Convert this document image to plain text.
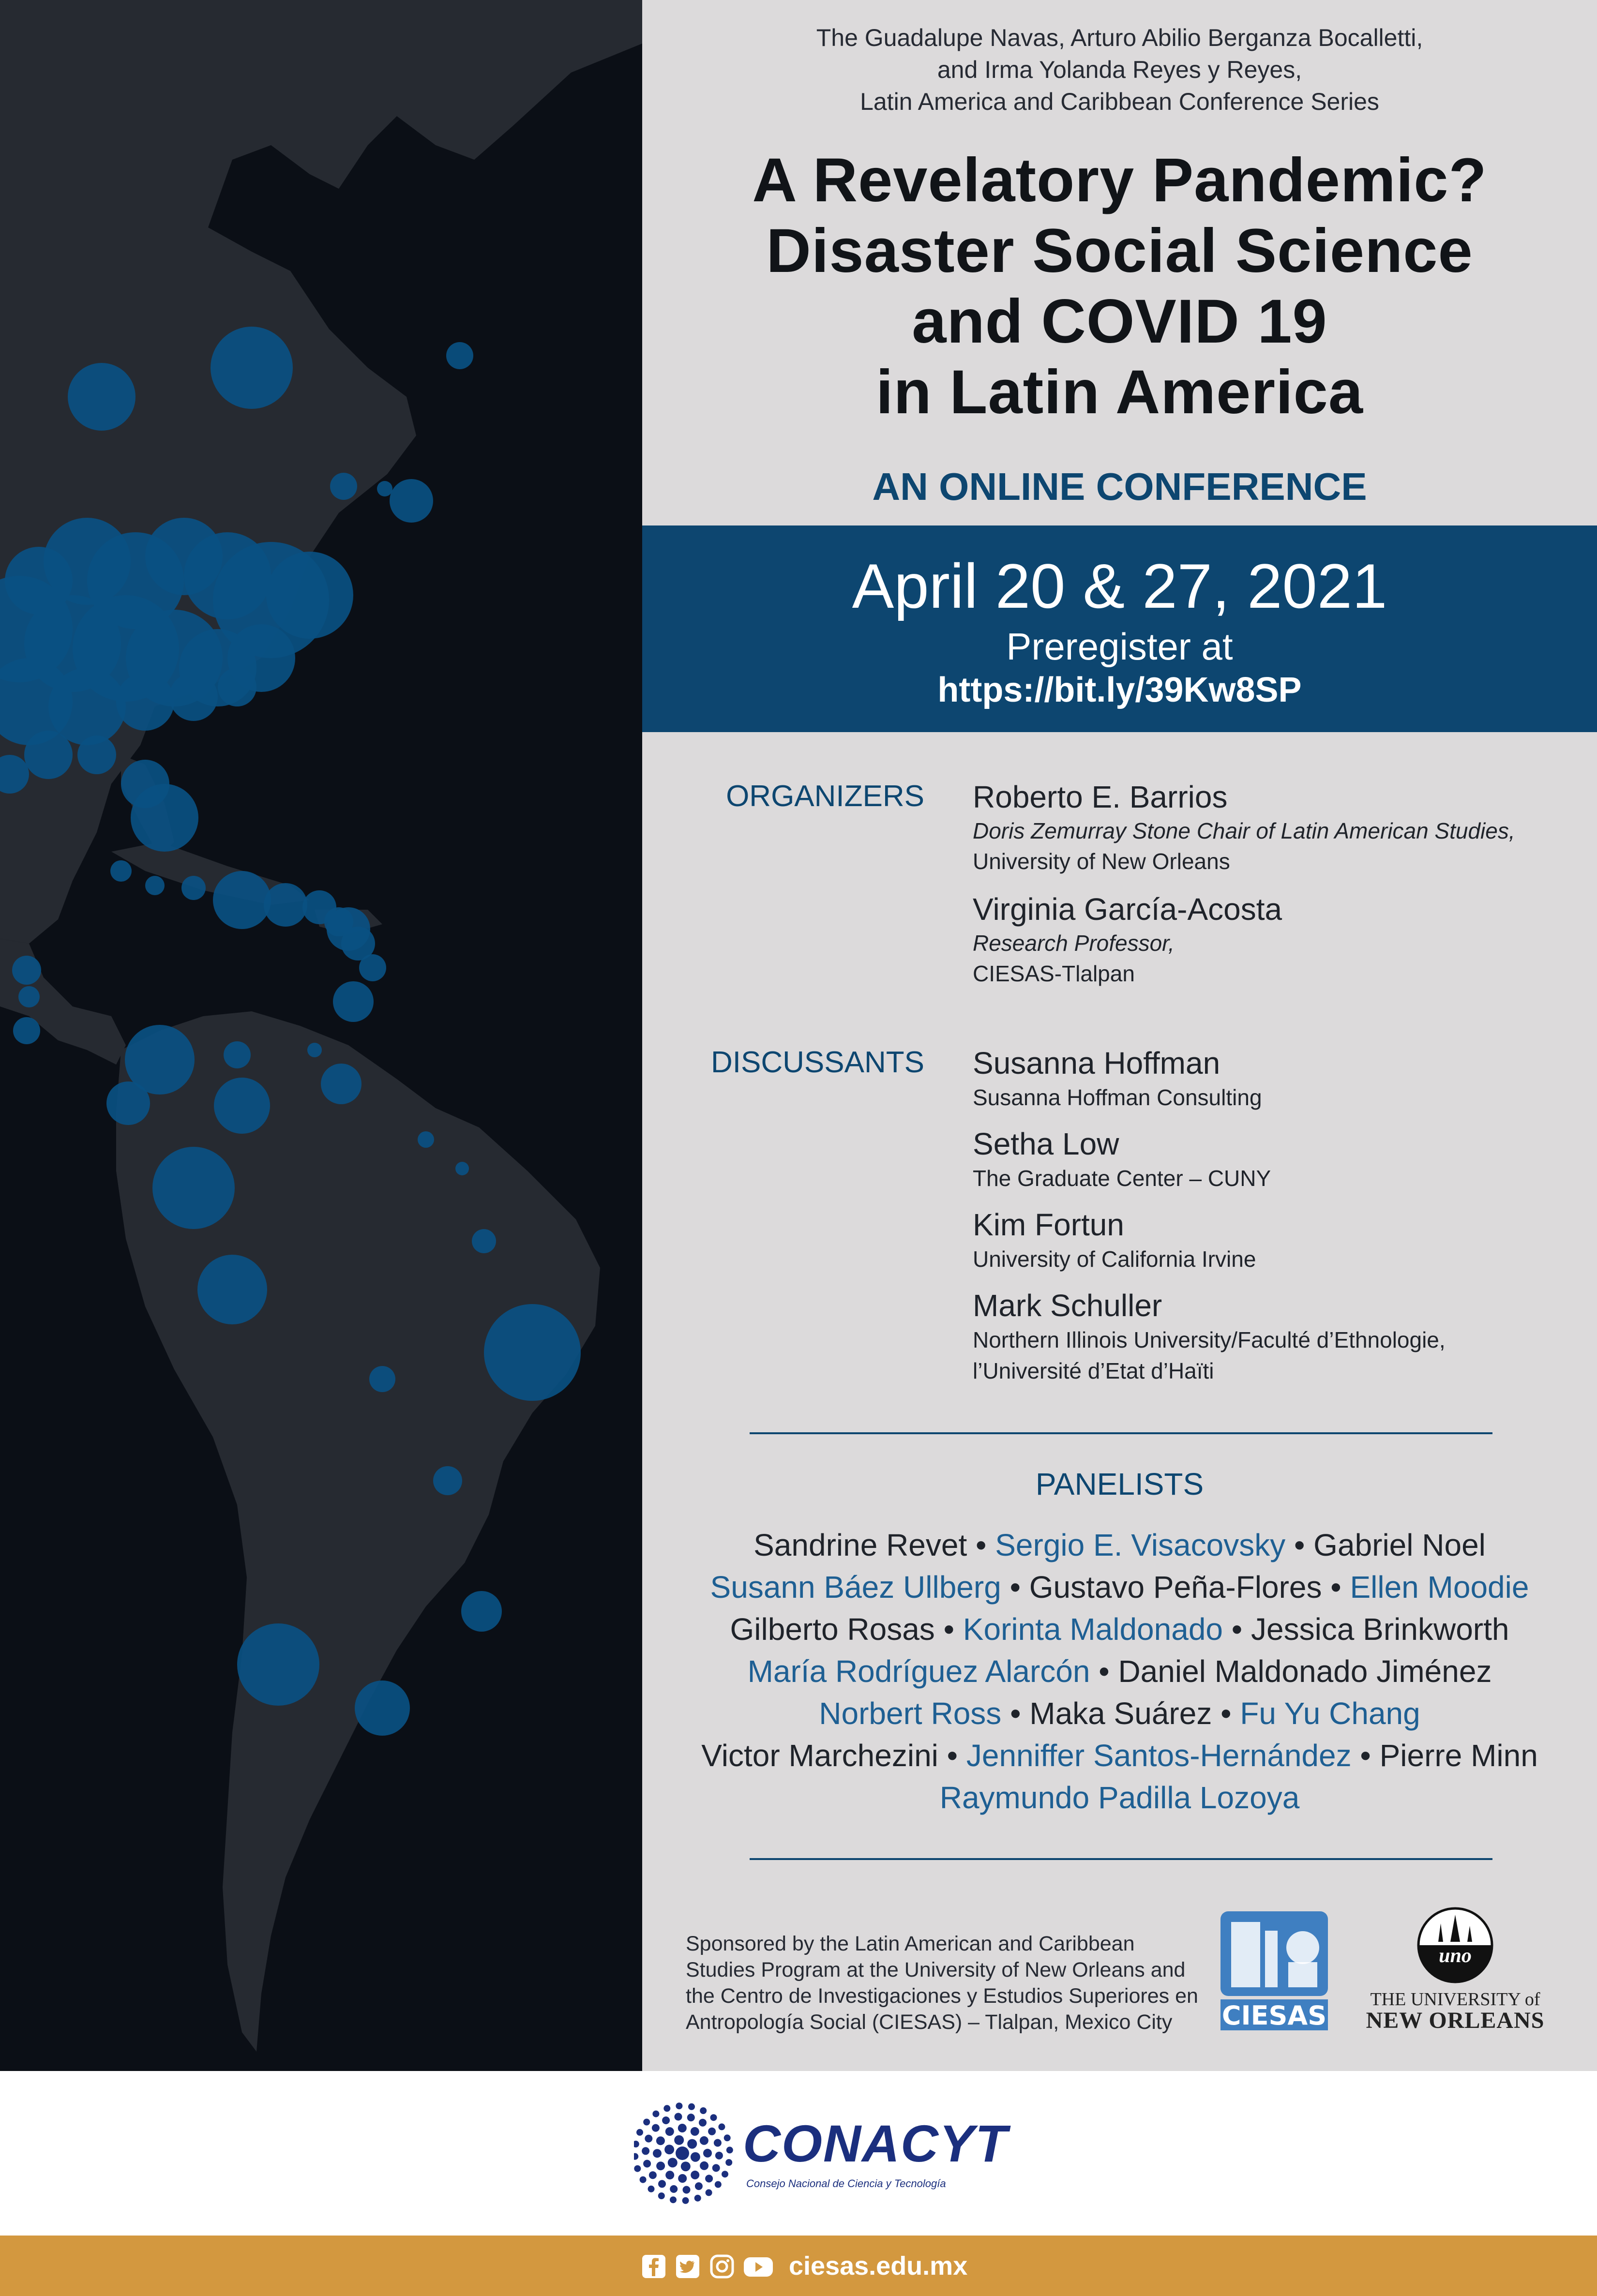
The Guadalupe Navas, Arturo Abilio Berganza Bocalletti,
and Irma Yolanda Reyes y Reyes,
Latin America and Caribbean Conference Series
A Revelatory Pandemic?
Disaster Social Science
and COVID 19
in Latin America
AN ONLINE CONFERENCE
April 20 & 27, 2021
Preregister at
https://bit.ly/39Kw8SP
ORGANIZERS Roberto E. Barrios
Doris Zemurray Stone Chair of Latin American Studies,
University of New Orleans
Virginia García-Acosta
Research Professor,
CIESAS-Tlalpan
DISCUSSANTS Susanna Hoffman
Susanna Hoffman Consulting
Setha Low
The Graduate Center – CUNY
Kim Fortun
University of California Irvine
Mark Schuller
Northern Illinois University/Faculté d’Ethnologie,
l’Université d’Etat d’Haïti
PANELISTS
Sandrine Revet • Sergio E. Visacovsky • Gabriel Noel
Susann Báez Ullberg • Gustavo Peña-Flores • Ellen Moodie
Gilberto Rosas • Korinta Maldonado • Jessica Brinkworth
María Rodríguez Alarcón • Daniel Maldonado Jiménez
Norbert Ross • Maka Suárez • Fu Yu Chang
Victor Marchezini • Jenniffer Santos-Hernández • Pierre Minn
Raymundo Padilla Lozoya
Sponsored by the Latin American and Caribbean
Studies Program at the University of New Orleans and
the Centro de Investigaciones y Estudios Superiores en
Antropología Social (CIESAS) – Tlalpan, Mexico City	CIESAS
uno
THE UNIVERSITY of
NEW ORLEANS
CONACYT
Consejo Nacional de Ciencia y Tecnología

ciesas.edu.mx
